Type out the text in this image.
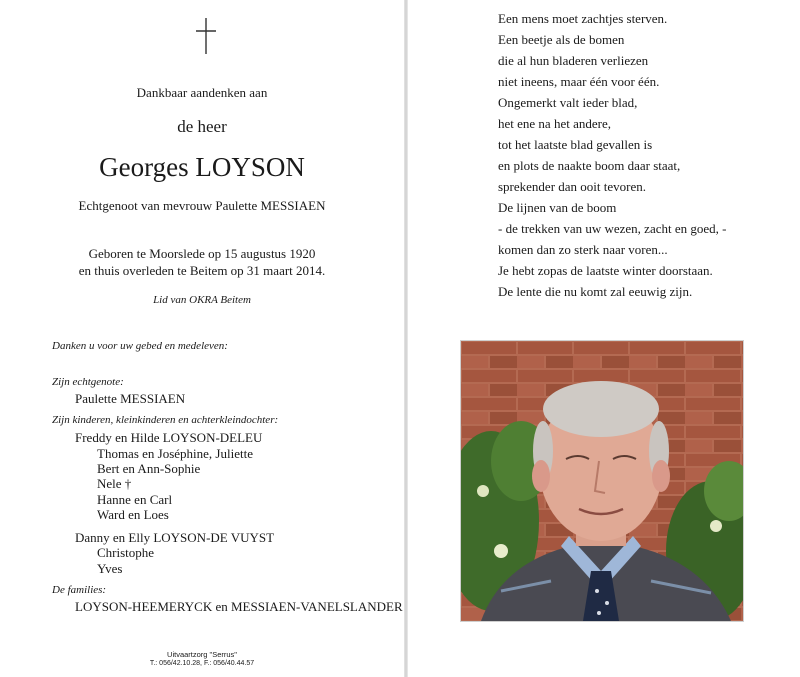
Dankbaar aandenken aan
de heer
Georges LOYSON
Echtgenoot van mevrouw Paulette MESSIAEN
Geboren te Moorslede op 15 augustus 1920
en thuis overleden te Beitem op 31 maart 2014.
Lid van OKRA Beitem
Danken u voor uw gebed en medeleven:
Zijn echtgenote:
Paulette MESSIAEN
Zijn kinderen, kleinkinderen en achterkleindochter:
Freddy en Hilde LOYSON-DELEU
Thomas en Joséphine, Juliette
Bert en Ann-Sophie
Nele †
Hanne en Carl
Ward en Loes
Danny en Elly LOYSON-DE VUYST
Christophe
Yves
De families:
LOYSON-HEEMERYCK en MESSIAEN-VANELSLANDER
Uitvaartzorg "Serrus"
T.: 056/42.10.28, F.: 056/40.44.57
Een mens moet zachtjes sterven.
Een beetje als de bomen
die al hun bladeren verliezen
niet ineens, maar één voor één.
Ongemerkt valt ieder blad,
het ene na het andere,
tot het laatste blad gevallen is
en plots de naakte boom daar staat,
sprekender dan ooit tevoren.
De lijnen van de boom
- de trekken van uw wezen, zacht en goed, -
komen dan zo sterk naar voren...
Je hebt zopas de laatste winter doorstaan.
De lente die nu komt zal eeuwig zijn.
